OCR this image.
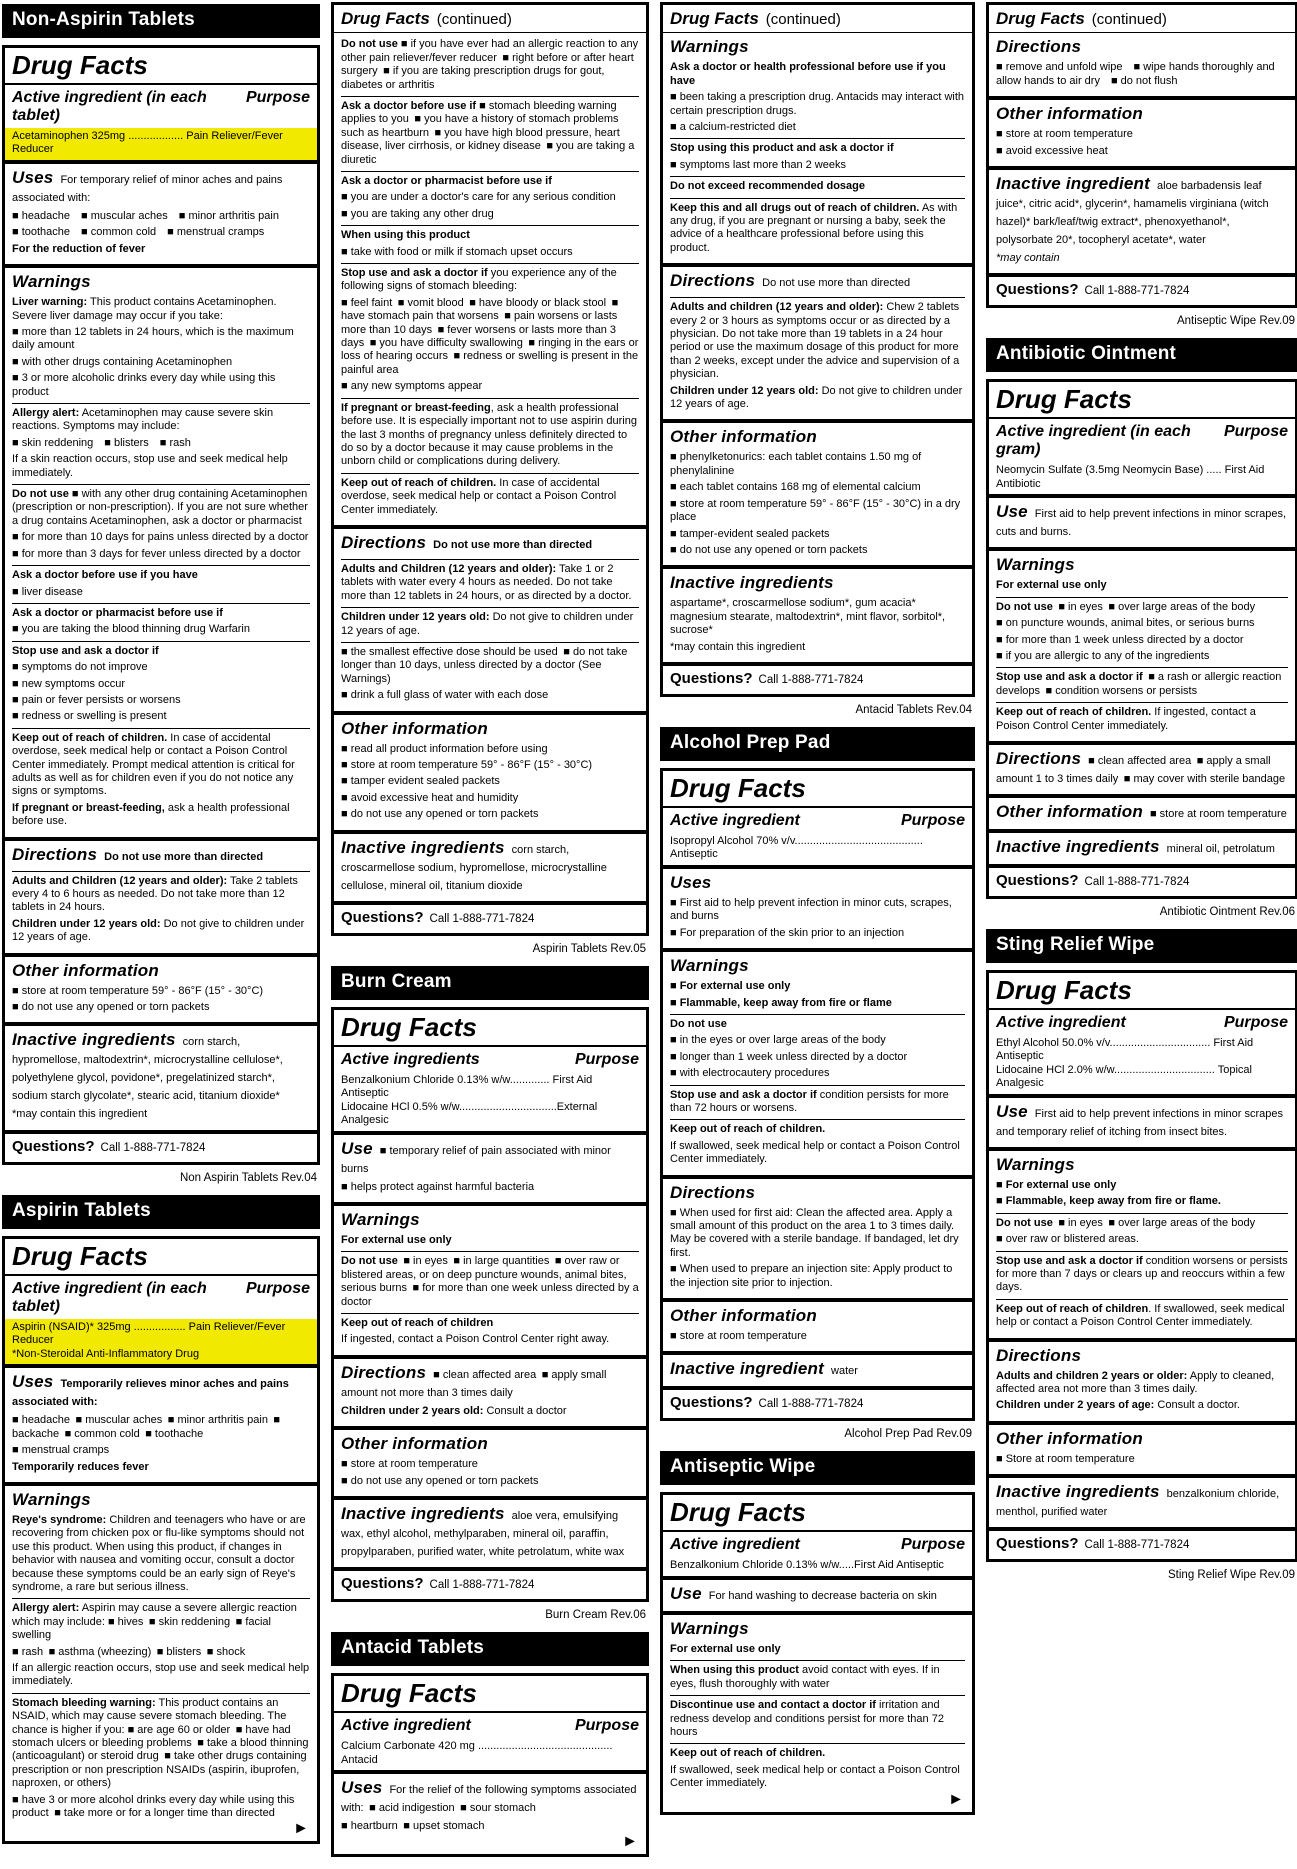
Non-Aspirin Tablets
Drug Facts
Active ingredient (in each tablet)
Purpose
Acetaminophen 325mg .................. Pain Reliever/Fever Reducer
Uses For temporary relief of minor aches and pains associated with:
■ headache ■ muscular aches ■ minor arthritis pain
■ toothache ■ common cold ■ menstrual cramps
For the reduction of fever
Warnings
Liver warning: This product contains Acetaminophen. Severe liver damage may occur if you take:
■ more than 12 tablets in 24 hours, which is the maximum daily amount
■ with other drugs containing Acetaminophen
■ 3 or more alcoholic drinks every day while using this product
Allergy alert: Acetaminophen may cause severe skin reactions. Symptoms may include:
■ skin reddening ■ blisters ■ rash
If a skin reaction occurs, stop use and seek medical help immediately.
Do not use ■ with any other drug containing Acetaminophen (prescription or non-prescription). If you are not sure whether a drug contains Acetaminophen, ask a doctor or pharmacist
■ for more than 10 days for pains unless directed by a doctor
■ for more than 3 days for fever unless directed by a doctor
Ask a doctor before use if you have
■ liver disease
Ask a doctor or pharmacist before use if
■ you are taking the blood thinning drug Warfarin
Stop use and ask a doctor if
■ symptoms do not improve
■ new symptoms occur
■ pain or fever persists or worsens
■ redness or swelling is present
Keep out of reach of children. In case of accidental overdose, seek medical help or contact a Poison Control Center immediately. Prompt medical attention is critical for adults as well as for children even if you do not notice any signs or symptoms.
If pregnant or breast-feeding, ask a health professional before use.
Directions Do not use more than directed
Adults and Children (12 years and older): Take 2 tablets every 4 to 6 hours as needed. Do not take more than 12 tablets in 24 hours.
Children under 12 years old: Do not give to children under 12 years of age.
Other information
■ store at room temperature 59° - 86°F (15° - 30°C)
■ do not use any opened or torn packets
Inactive ingredients corn starch, hypromellose, maltodextrin*, microcrystalline cellulose*, polyethylene glycol, povidone*, pregelatinized starch*, sodium starch glycolate*, stearic acid, titanium dioxide*
*may contain this ingredient
Questions? Call 1-888-771-7824
Non Aspirin Tablets Rev.04
Aspirin Tablets
Drug Facts
Active ingredient (in each tablet)
Purpose
Aspirin (NSAID)* 325mg ................. Pain Reliever/Fever Reducer
*Non-Steroidal Anti-Inflammatory Drug
Uses Temporarily relieves minor aches and pains associated with:
■ headache ■ muscular aches ■ minor arthritis pain ■ backache ■ common cold ■ toothache
■ menstrual cramps
Temporarily reduces fever
Warnings
Reye's syndrome: Children and teenagers who have or are recovering from chicken pox or flu-like symptoms should not use this product. When using this product, if changes in behavior with nausea and vomiting occur, consult a doctor because these symptoms could be an early sign of Reye's syndrome, a rare but serious illness.
Allergy alert: Aspirin may cause a severe allergic reaction which may include: ■ hives ■ skin reddening ■ facial swelling
■ rash ■ asthma (wheezing) ■ blisters ■ shock
If an allergic reaction occurs, stop use and seek medical help immediately.
Stomach bleeding warning: This product contains an NSAID, which may cause severe stomach bleeding. The chance is higher if you: ■ are age 60 or older ■ have had stomach ulcers or bleeding problems ■ take a blood thinning (anticoagulant) or steroid drug ■ take other drugs containing prescription or non prescription NSAIDs (aspirin, ibuprofen, naproxen, or others)
■ have 3 or more alcohol drinks every day while using this product ■ take more or for a longer time than directed
►
Drug Facts (continued)
Do not use ■ if you have ever had an allergic reaction to any other pain reliever/fever reducer ■ right before or after heart surgery ■ if you are taking prescription drugs for gout, diabetes or arthritis
Ask a doctor before use if ■ stomach bleeding warning applies to you ■ you have a history of stomach problems such as heartburn ■ you have high blood pressure, heart disease, liver cirrhosis, or kidney disease ■ you are taking a diuretic
Ask a doctor or pharmacist before use if
■ you are under a doctor's care for any serious condition
■ you are taking any other drug
When using this product
■ take with food or milk if stomach upset occurs
Stop use and ask a doctor if you experience any of the following signs of stomach bleeding:
■ feel faint ■ vomit blood ■ have bloody or black stool ■ have stomach pain that worsens ■ pain worsens or lasts more than 10 days ■ fever worsens or lasts more than 3 days ■ you have difficulty swallowing ■ ringing in the ears or loss of hearing occurs ■ redness or swelling is present in the painful area
■ any new symptoms appear
If pregnant or breast-feeding, ask a health professional before use. It is especially important not to use aspirin during the last 3 months of pregnancy unless definitely directed to do so by a doctor because it may cause problems in the unborn child or complications during delivery.
Keep out of reach of children. In case of accidental overdose, seek medical help or contact a Poison Control Center immediately.
Directions Do not use more than directed
Adults and Children (12 years and older): Take 1 or 2 tablets with water every 4 hours as needed. Do not take more than 12 tablets in 24 hours, or as directed by a doctor.
Children under 12 years old: Do not give to children under 12 years of age.
■ the smallest effective dose should be used ■ do not take longer than 10 days, unless directed by a doctor (See Warnings)
■ drink a full glass of water with each dose
Other information
■ read all product information before using
■ store at room temperature 59° - 86°F (15° - 30°C)
■ tamper evident sealed packets
■ avoid excessive heat and humidity
■ do not use any opened or torn packets
Inactive ingredients corn starch, croscarmellose sodium, hypromellose, microcrystalline cellulose, mineral oil, titanium dioxide
Questions? Call 1-888-771-7824
Aspirin Tablets Rev.05
Burn Cream
Drug Facts
Active ingredients	Purpose
Benzalkonium Chloride 0.13% w/w............. First Aid Antiseptic
Lidocaine HCl 0.5% w/w................................External Analgesic
Use ■ temporary relief of pain associated with minor burns
■ helps protect against harmful bacteria
Warnings
For external use only
Do not use ■ in eyes ■ in large quantities ■ over raw or blistered areas, or on deep puncture wounds, animal bites, serious burns ■ for more than one week unless directed by a doctor
Keep out of reach of children
If ingested, contact a Poison Control Center right away.
Directions ■ clean affected area ■ apply small amount not more than 3 times daily
Children under 2 years old: Consult a doctor
Other information
■ store at room temperature
■ do not use any opened or torn packets
Inactive ingredients aloe vera, emulsifying wax, ethyl alcohol, methylparaben, mineral oil, paraffin, propylparaben, purified water, white petrolatum, white wax
Questions? Call 1-888-771-7824
Burn Cream Rev.06
Antacid Tablets
Drug Facts
Active ingredient	Purpose
Calcium Carbonate 420 mg ............................................ Antacid
Uses For the relief of the following symptoms associated with: ■ acid indigestion ■ sour stomach
■ heartburn ■ upset stomach
►
Drug Facts (continued)
Warnings
Ask a doctor or health professional before use if you have
■ been taking a prescription drug. Antacids may interact with certain prescription drugs.
■ a calcium-restricted diet
Stop using this product and ask a doctor if
■ symptoms last more than 2 weeks
Do not exceed recommended dosage
Keep this and all drugs out of reach of children. As with any drug, if you are pregnant or nursing a baby, seek the advice of a healthcare professional before using this product.
Directions Do not use more than directed
Adults and children (12 years and older): Chew 2 tablets every 2 or 3 hours as symptoms occur or as directed by a physician. Do not take more than 19 tablets in a 24 hour period or use the maximum dosage of this product for more than 2 weeks, except under the advice and supervision of a physician.
Children under 12 years old: Do not give to children under 12 years of age.
Other information
■ phenylketonurics: each tablet contains 1.50 mg of phenylalinine
■ each tablet contains 168 mg of elemental calcium
■ store at room temperature 59° - 86°F (15° - 30°C) in a dry place
■ tamper-evident sealed packets
■ do not use any opened or torn packets
Inactive ingredients
aspartame*, croscarmellose sodium*, gum acacia* magnesium stearate, maltodextrin*, mint flavor, sorbitol*, sucrose*
*may contain this ingredient
Questions? Call 1-888-771-7824
Antacid Tablets Rev.04
Alcohol Prep Pad
Drug Facts
Active ingredient	Purpose
Isopropyl Alcohol 70% v/v.......................................... Antiseptic
Uses
■ First aid to help prevent infection in minor cuts, scrapes, and burns
■ For preparation of the skin prior to an injection
Warnings
■ For external use only
■ Flammable, keep away from fire or flame
Do not use
■ in the eyes or over large areas of the body
■ longer than 1 week unless directed by a doctor
■ with electrocautery procedures
Stop use and ask a doctor if condition persists for more than 72 hours or worsens.
Keep out of reach of children.
If swallowed, seek medical help or contact a Poison Control Center immediately.
Directions
■ When used for first aid: Clean the affected area. Apply a small amount of this product on the area 1 to 3 times daily. May be covered with a sterile bandage. If bandaged, let dry first.
■ When used to prepare an injection site: Apply product to the injection site prior to injection.
Other information
■ store at room temperature
Inactive ingredient water
Questions? Call 1-888-771-7824
Alcohol Prep Pad Rev.09
Antiseptic Wipe
Drug Facts
Active ingredient	Purpose
Benzalkonium Chloride 0.13% w/w.....First Aid Antiseptic
Use For hand washing to decrease bacteria on skin
Warnings
For external use only
When using this product avoid contact with eyes. If in eyes, flush thoroughly with water
Discontinue use and contact a doctor if irritation and redness develop and conditions persist for more than 72 hours
Keep out of reach of children.
If swallowed, seek medical help or contact a Poison Control Center immediately.
►
Drug Facts (continued)
Directions
■ remove and unfold wipe ■ wipe hands thoroughly and allow hands to air dry ■ do not flush
Other information
■ store at room temperature
■ avoid excessive heat
Inactive ingredient aloe barbadensis leaf juice*, citric acid*, glycerin*, hamamelis virginiana (witch hazel)* bark/leaf/twig extract*, phenoxyethanol*, polysorbate 20*, tocopheryl acetate*, water
*may contain
Questions? Call 1-888-771-7824
Antiseptic Wipe Rev.09
Antibiotic Ointment
Drug Facts
Active ingredient (in each gram)
Purpose
Neomycin Sulfate (3.5mg Neomycin Base) ..... First Aid Antibiotic
Use First aid to help prevent infections in minor scrapes, cuts and burns.
Warnings
For external use only
Do not use ■ in eyes ■ over large areas of the body
■ on puncture wounds, animal bites, or serious burns
■ for more than 1 week unless directed by a doctor
■ if you are allergic to any of the ingredients
Stop use and ask a doctor if ■ a rash or allergic reaction develops ■ condition worsens or persists
Keep out of reach of children. If ingested, contact a Poison Control Center immediately.
Directions ■ clean affected area ■ apply a small amount 1 to 3 times daily ■ may cover with sterile bandage
Other information ■ store at room temperature
Inactive ingredients mineral oil, petrolatum
Questions? Call 1-888-771-7824
Antibiotic Ointment Rev.06
Sting Relief Wipe
Drug Facts
Active ingredient	Purpose
Ethyl Alcohol 50.0% v/v................................. First Aid Antiseptic
Lidocaine HCl 2.0% w/w................................. Topical Analgesic
Use First aid to help prevent infections in minor scrapes and temporary relief of itching from insect bites.
Warnings
■ For external use only
■ Flammable, keep away from fire or flame.
Do not use ■ in eyes ■ over large areas of the body
■ over raw or blistered areas.
Stop use and ask a doctor if condition worsens or persists for more than 7 days or clears up and reoccurs within a few days.
Keep out of reach of children. If swallowed, seek medical help or contact a Poison Control Center immediately.
Directions
Adults and children 2 years or older: Apply to cleaned, affected area not more than 3 times daily.
Children under 2 years of age: Consult a doctor.
Other information
■ Store at room temperature
Inactive ingredients benzalkonium chloride, menthol, purified water
Questions? Call 1-888-771-7824
Sting Relief Wipe Rev.09
